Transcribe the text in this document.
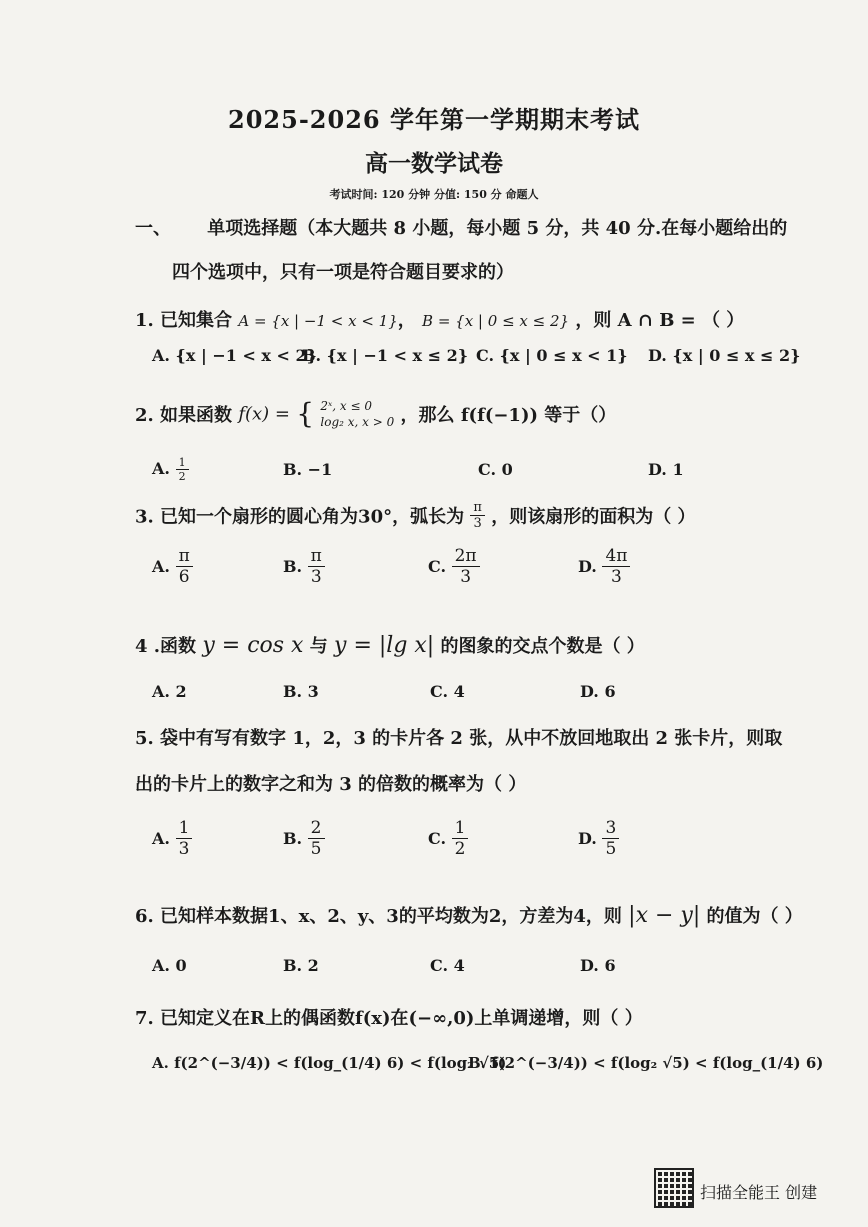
2025-2026 学年第一学期期末考试
高一数学试卷
考试时间: 120 分钟 分值: 150 分 命题人
一、 单项选择题（本大题共 8 小题，每小题 5 分，共 40 分.在每小题给出的
四个选项中，只有一项是符合题目要求的）
1. 已知集合 A = {x | −1 < x < 1}， B = {x | 0 ≤ x ≤ 2} ，则 A ∩ B = （ ）
A. {x | −1 < x < 2}
B. {x | −1 < x ≤ 2} C. {x | 0 ≤ x < 1} D. {x | 0 ≤ x ≤ 2}
2. 如果函数 f(x) = { 2ˣ, x ≤ 0
log₂ x, x > 0 ，那么 f(f(−1)) 等于（）
A. $\frac{1}{2}$	B. −1	C. 0	D. 1
3. 已知一个扇形的圆心角为30°，弧长为 $\frac{\pi}{3}$ ，则该扇形的面积为（ ）
A. $\frac{\pi}{6}$	B. $\frac{\pi}{3}$	C. $\frac{2\pi}{3}$	D. $\frac{4\pi}{3}$
4 .函数 y = cos x 与 y = |lg x| 的图象的交点个数是（ ）
A. 2	B. 3	C. 4	D. 6
5. 袋中有写有数字 1，2，3 的卡片各 2 张，从中不放回地取出 2 张卡片，则取
出的卡片上的数字之和为 3 的倍数的概率为（ ）
A. $\frac{1}{3}$	B. $\frac{2}{5}$	C. $\frac{1}{2}$	D. $\frac{3}{5}$
6. 已知样本数据1、x、2、y、3的平均数为2，方差为4，则 |x − y| 的值为（ ）
A. 0	B. 2	C. 4	D. 6
7. 已知定义在R上的偶函数f(x)在(−∞,0)上单调递增，则（ ）
A. f(2^(−3/4)) < f(log_(1/4) 6) < f(log₂ √5)
B. f(2^(−3/4)) < f(log₂ √5) < f(log_(1/4) 6)
扫描全能王 创建
